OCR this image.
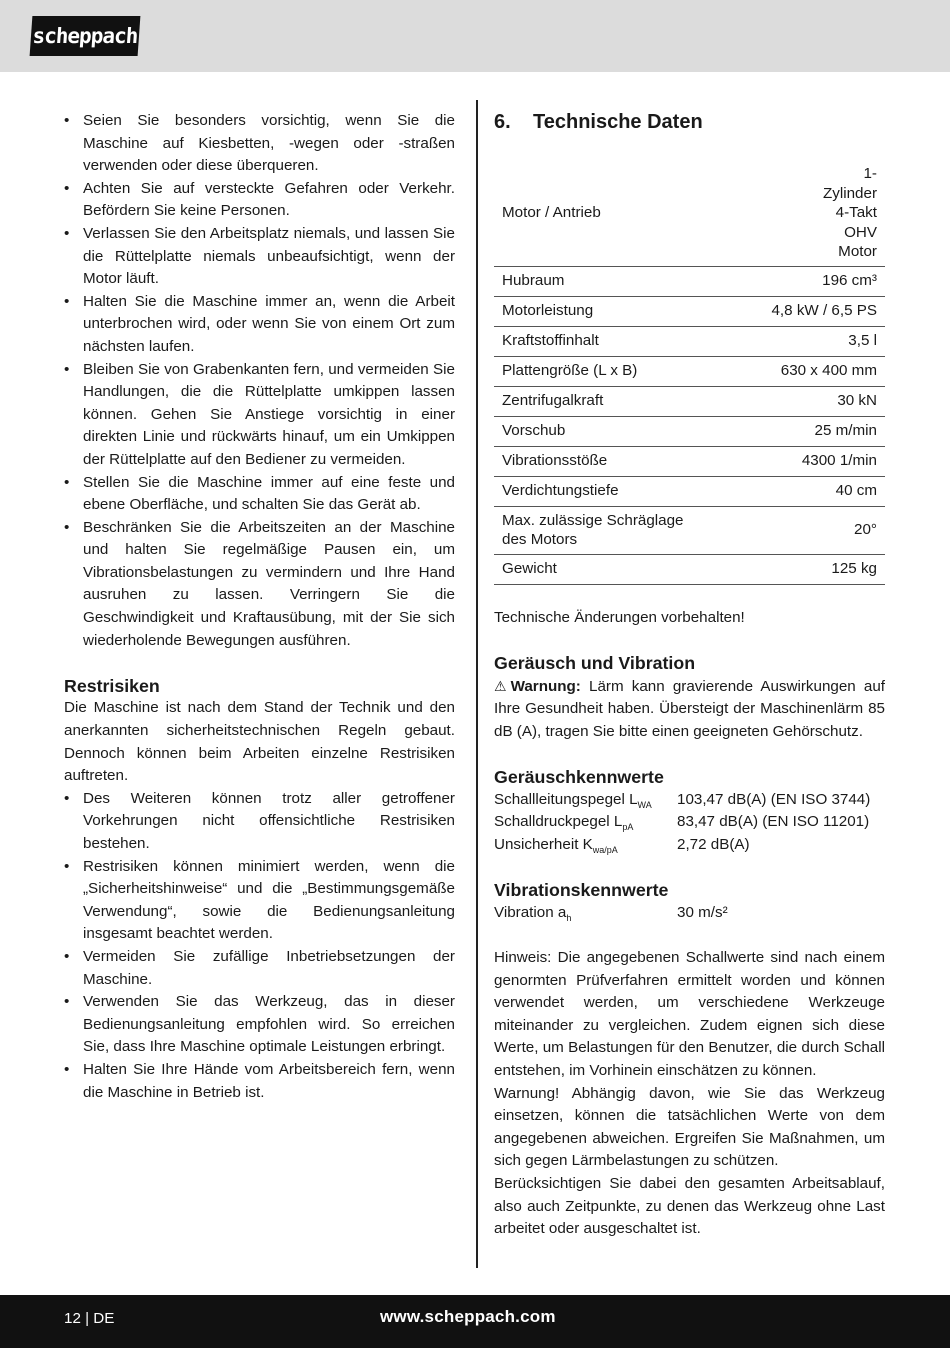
scheppach
• Seien Sie besonders vorsichtig, wenn Sie die Maschine auf Kiesbetten, -wegen oder -straßen verwenden oder diese überqueren.
• Achten Sie auf versteckte Gefahren oder Verkehr. Befördern Sie keine Personen.
• Verlassen Sie den Arbeitsplatz niemals, und lassen Sie die Rüttelplatte niemals unbeaufsichtigt, wenn der Motor läuft.
• Halten Sie die Maschine immer an, wenn die Arbeit unterbrochen wird, oder wenn Sie von einem Ort zum nächsten laufen.
• Bleiben Sie von Grabenkanten fern, und vermeiden Sie Handlungen, die die Rüttelplatte umkippen lassen können. Gehen Sie Anstiege vorsichtig in einer direkten Linie und rückwärts hinauf, um ein Umkippen der Rüttelplatte auf den Bediener zu vermeiden.
• Stellen Sie die Maschine immer auf eine feste und ebene Oberfläche, und schalten Sie das Gerät ab.
• Beschränken Sie die Arbeitszeiten an der Maschine und halten Sie regelmäßige Pausen ein, um Vibrationsbelastungen zu vermindern und Ihre Hand ausruhen zu lassen. Verringern Sie die Geschwindigkeit und Kraftausübung, mit der Sie sich wiederholende Bewegungen ausführen.
Restrisiken

Die Maschine ist nach dem Stand der Technik und den anerkannten sicherheitstechnischen Regeln gebaut. Dennoch können beim Arbeiten einzelne Restrisiken auftreten.

• Des Weiteren können trotz aller getroffener Vorkehrungen nicht offensichtliche Restrisiken bestehen.
• Restrisiken können minimiert werden, wenn die „Sicherheitshinweise“ und die „Bestimmungsgemäße Verwendung“, sowie die Bedienungsanleitung insgesamt beachtet werden.
• Vermeiden Sie zufällige Inbetriebsetzungen der Maschine.
• Verwenden Sie das Werkzeug, das in dieser Bedienungsanleitung empfohlen wird. So erreichen Sie, dass Ihre Maschine optimale Leistungen erbringt.
• Halten Sie Ihre Hände vom Arbeitsbereich fern, wenn die Maschine in Betrieb ist.
6.	Technische Daten
Motor / Antrieb	1-Zylinder 4-Takt OHV Motor
Hubraum	196 cm³
Motorleistung	4,8 kW / 6,5 PS
Kraftstoffinhalt	3,5 l
Plattengröße (L x B)	630 x 400 mm
Zentrifugalkraft	30 kN
Vorschub	25 m/min
Vibrationsstöße	4300 1/min
Verdichtungstiefe	40 cm
Max. zulässige Schräglage des Motors	20°
Gewicht	125 kg

Technische Änderungen vorbehalten!

Geräusch und Vibration

⚠ Warnung: Lärm kann gravierende Auswirkungen auf Ihre Gesundheit haben. Übersteigt der Maschinenlärm 85 dB (A), tragen Sie bitte einen geeigneten Gehörschutz.

Geräuschkennwerte
Schallleitungspegel $L_{WA}$	103,47 dB(A) (EN ISO 3744)
Schalldruckpegel $L_{pA}$	83,47 dB(A) (EN ISO 11201)
Unsicherheit $K_{wa/pA}$	2,72 dB(A)
Vibrationskennwerte
Vibration $a_h$	30 m/s²

Hinweis: Die angegebenen Schallwerte sind nach einem genormten Prüfverfahren ermittelt worden und können verwendet werden, um verschiedene Werkzeuge miteinander zu vergleichen. Zudem eignen sich diese Werte, um Belastungen für den Benutzer, die durch Schall entstehen, im Vorhinein einschätzen zu können.

Warnung! Abhängig davon, wie Sie das Werkzeug einsetzen, können die tatsächlichen Werte von dem angegebenen abweichen. Ergreifen Sie Maßnahmen, um sich gegen Lärmbelastungen zu schützen.

Berücksichtigen Sie dabei den gesamten Arbeitsablauf, also auch Zeitpunkte, zu denen das Werkzeug ohne Last arbeitet oder ausgeschaltet ist.

12 | DE	www.scheppach.com
